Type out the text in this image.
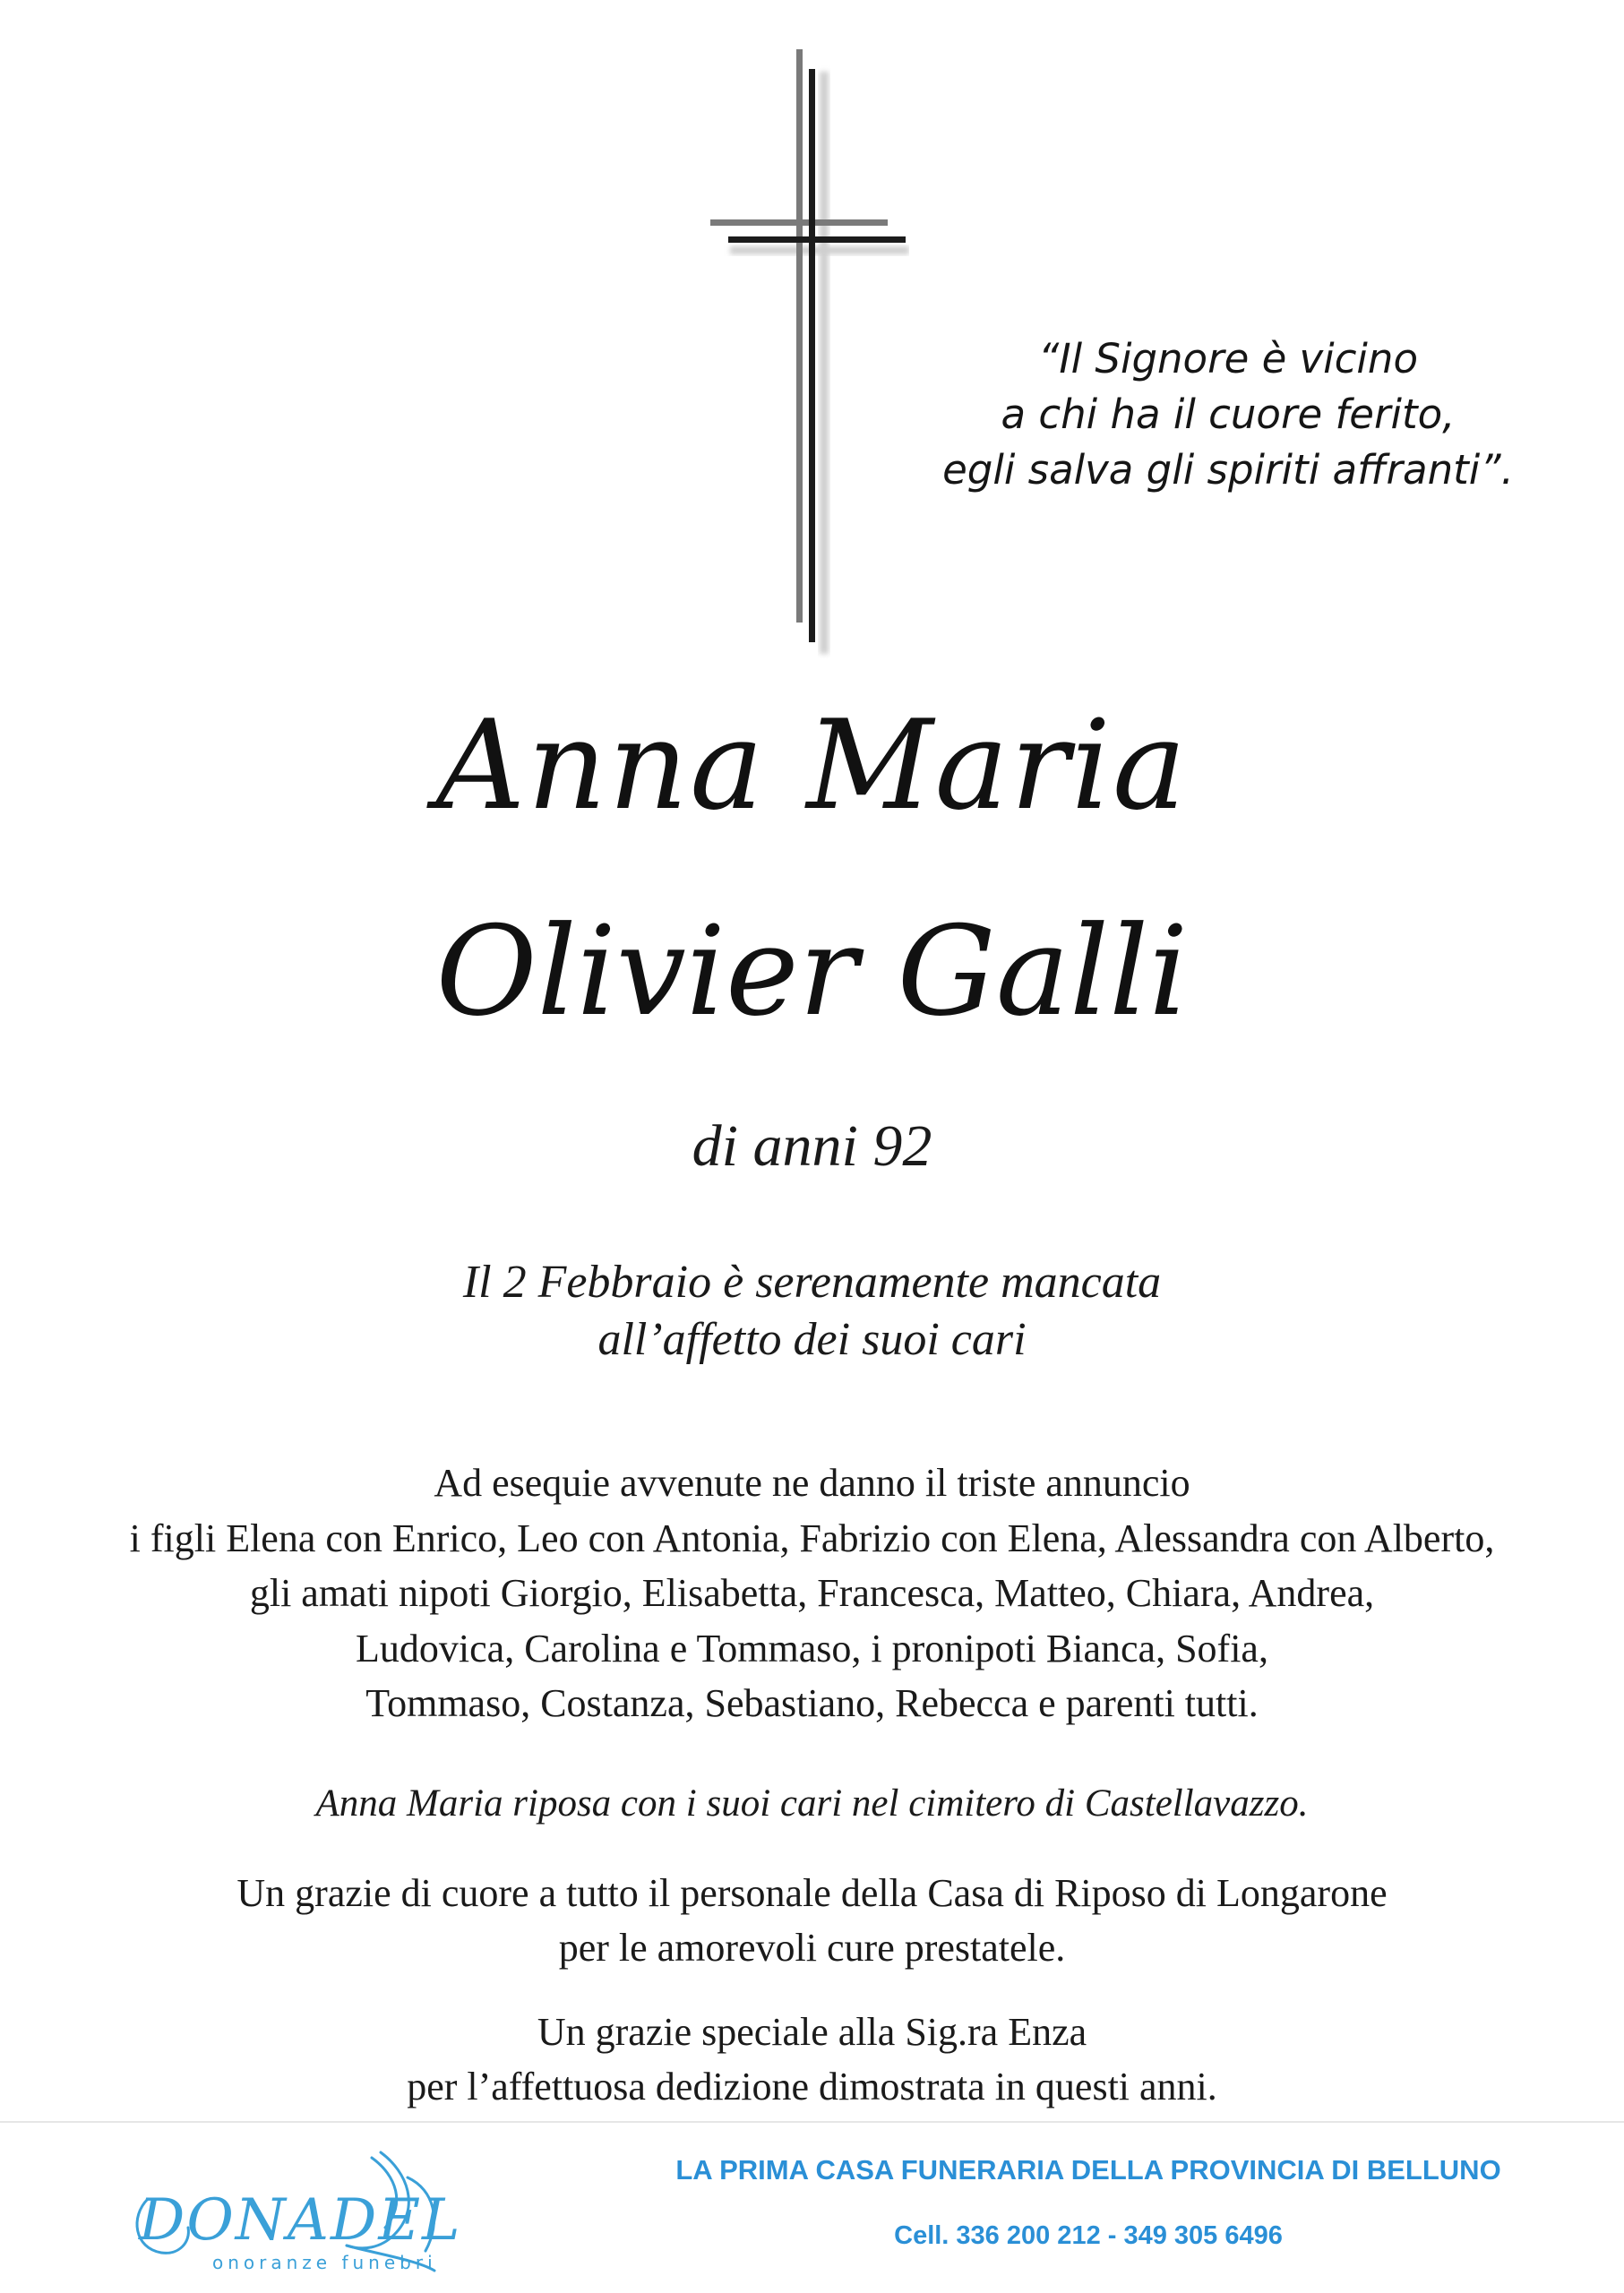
“Il Signore è vicino
a chi ha il cuore ferito,
egli salva gli spiriti affranti”.
Anna Maria
Olivier Galli
di anni 92
Il 2 Febbraio è serenamente mancata
all’affetto dei suoi cari
Ad esequie avvenute ne danno il triste annuncio
i figli Elena con Enrico, Leo con Antonia, Fabrizio con Elena, Alessandra con Alberto,
gli amati nipoti Giorgio, Elisabetta, Francesca, Matteo, Chiara, Andrea,
Ludovica, Carolina e Tommaso, i pronipoti Bianca, Sofia,
Tommaso, Costanza, Sebastiano, Rebecca e parenti tutti.
Anna Maria riposa con i suoi cari nel cimitero di Castellavazzo.
Un grazie di cuore a tutto il personale della Casa di Riposo di Longarone
per le amorevoli cure prestatele.
Un grazie speciale alla Sig.ra Enza
per l’affettuosa dedizione dimostrata in questi anni.
DONADEL
onoranze funebri
LA PRIMA CASA FUNERARIA DELLA PROVINCIA DI BELLUNO
Cell. 336 200 212 - 349 305 6496
